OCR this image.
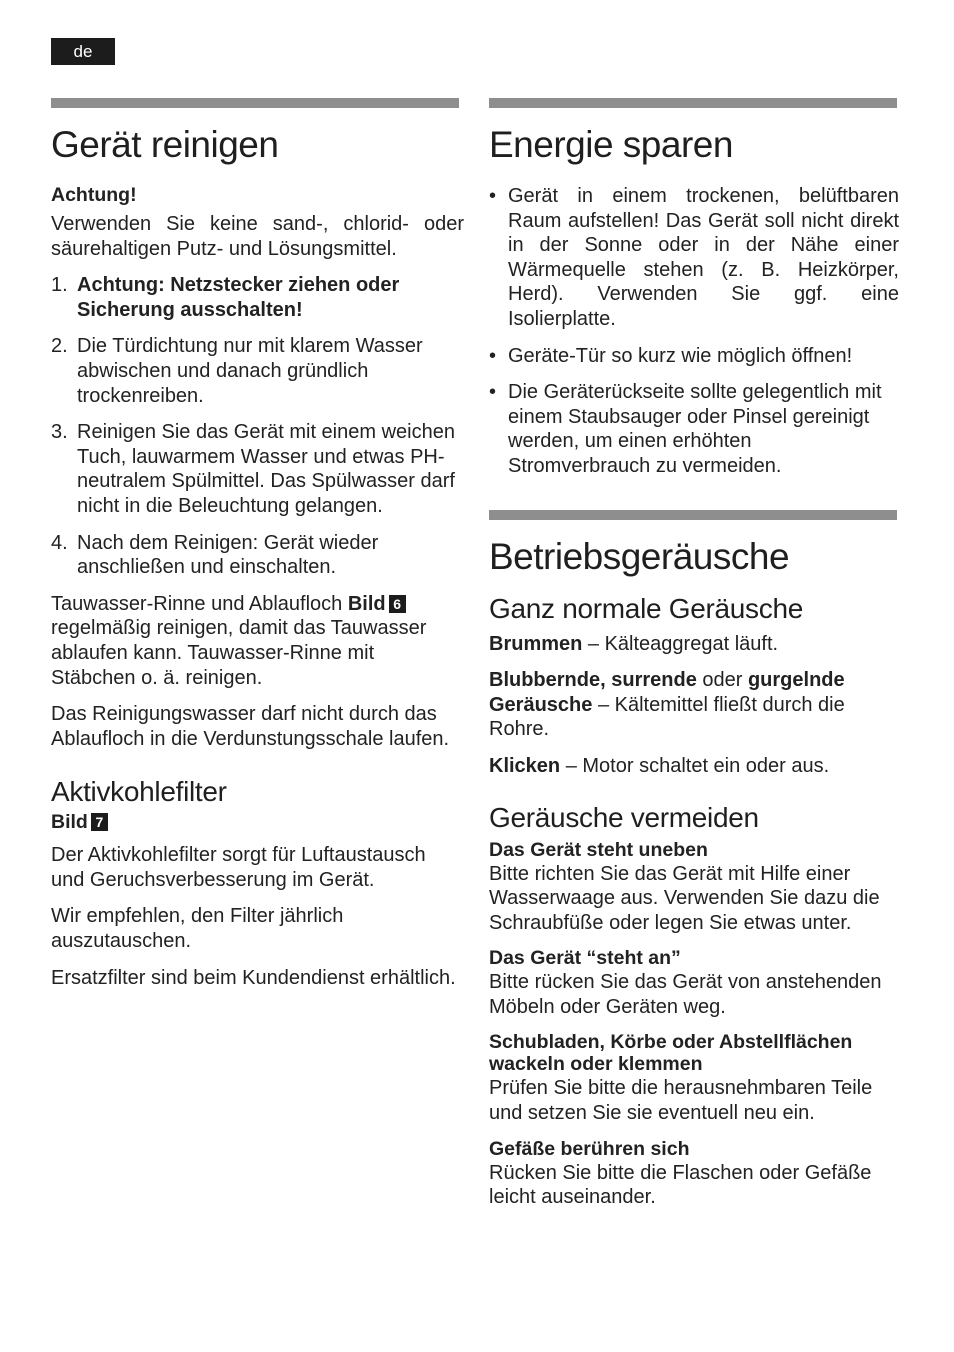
de
Gerät reinigen

Achtung!

Verwenden Sie keine sand-, chlorid- oder säurehaltigen Putz- und Lösungsmittel.

1. Achtung: Netzstecker ziehen oder Sicherung ausschalten!
2. Die Türdichtung nur mit klarem Wasser abwischen und danach gründlich trockenreiben.
3. Reinigen Sie das Gerät mit einem weichen Tuch, lauwarmem Wasser und etwas PH-neutralem Spülmittel. Das Spülwasser darf nicht in die Beleuchtung gelangen.
4. Nach dem Reinigen: Gerät wieder anschließen und einschalten.

Tauwasser-Rinne und Ablaufloch Bild 6 regelmäßig reinigen, damit das Tauwasser ablaufen kann. Tauwasser-Rinne mit Stäbchen o. ä. reinigen.

Das Reinigungswasser darf nicht durch das Ablaufloch in die Verdunstungsschale laufen.

Aktivkohlefilter

Bild 7

Der Aktivkohlefilter sorgt für Luftaustausch und Geruchsverbesserung im Gerät.

Wir empfehlen, den Filter jährlich auszutauschen.

Ersatzfilter sind beim Kundendienst erhältlich.

Energie sparen
• Gerät in einem trockenen, belüftbaren Raum aufstellen! Das Gerät soll nicht direkt in der Sonne oder in der Nähe einer Wärmequelle stehen (z. B. Heizkörper, Herd). Verwenden Sie ggf. eine Isolierplatte.
• Geräte-Tür so kurz wie möglich öffnen!
• Die Geräterückseite sollte gelegentlich mit einem Staubsauger oder Pinsel gereinigt werden, um einen erhöhten Stromverbrauch zu vermeiden.
Betriebsgeräusche
Ganz normale Geräusche

Brummen – Kälteaggregat läuft.

Blubbernde, surrende oder gurgelnde Geräusche – Kältemittel fließt durch die Rohre.

Klicken – Motor schaltet ein oder aus.

Geräusche vermeiden

Das Gerät steht uneben

Bitte richten Sie das Gerät mit Hilfe einer Wasserwaage aus. Verwenden Sie dazu die Schraubfüße oder legen Sie etwas unter.

Das Gerät “steht an”

Bitte rücken Sie das Gerät von anstehenden Möbeln oder Geräten weg.

Schubladen, Körbe oder Abstellflächen wackeln oder klemmen

Prüfen Sie bitte die herausnehmbaren Teile und setzen Sie sie eventuell neu ein.

Gefäße berühren sich

Rücken Sie bitte die Flaschen oder Gefäße leicht auseinander.
